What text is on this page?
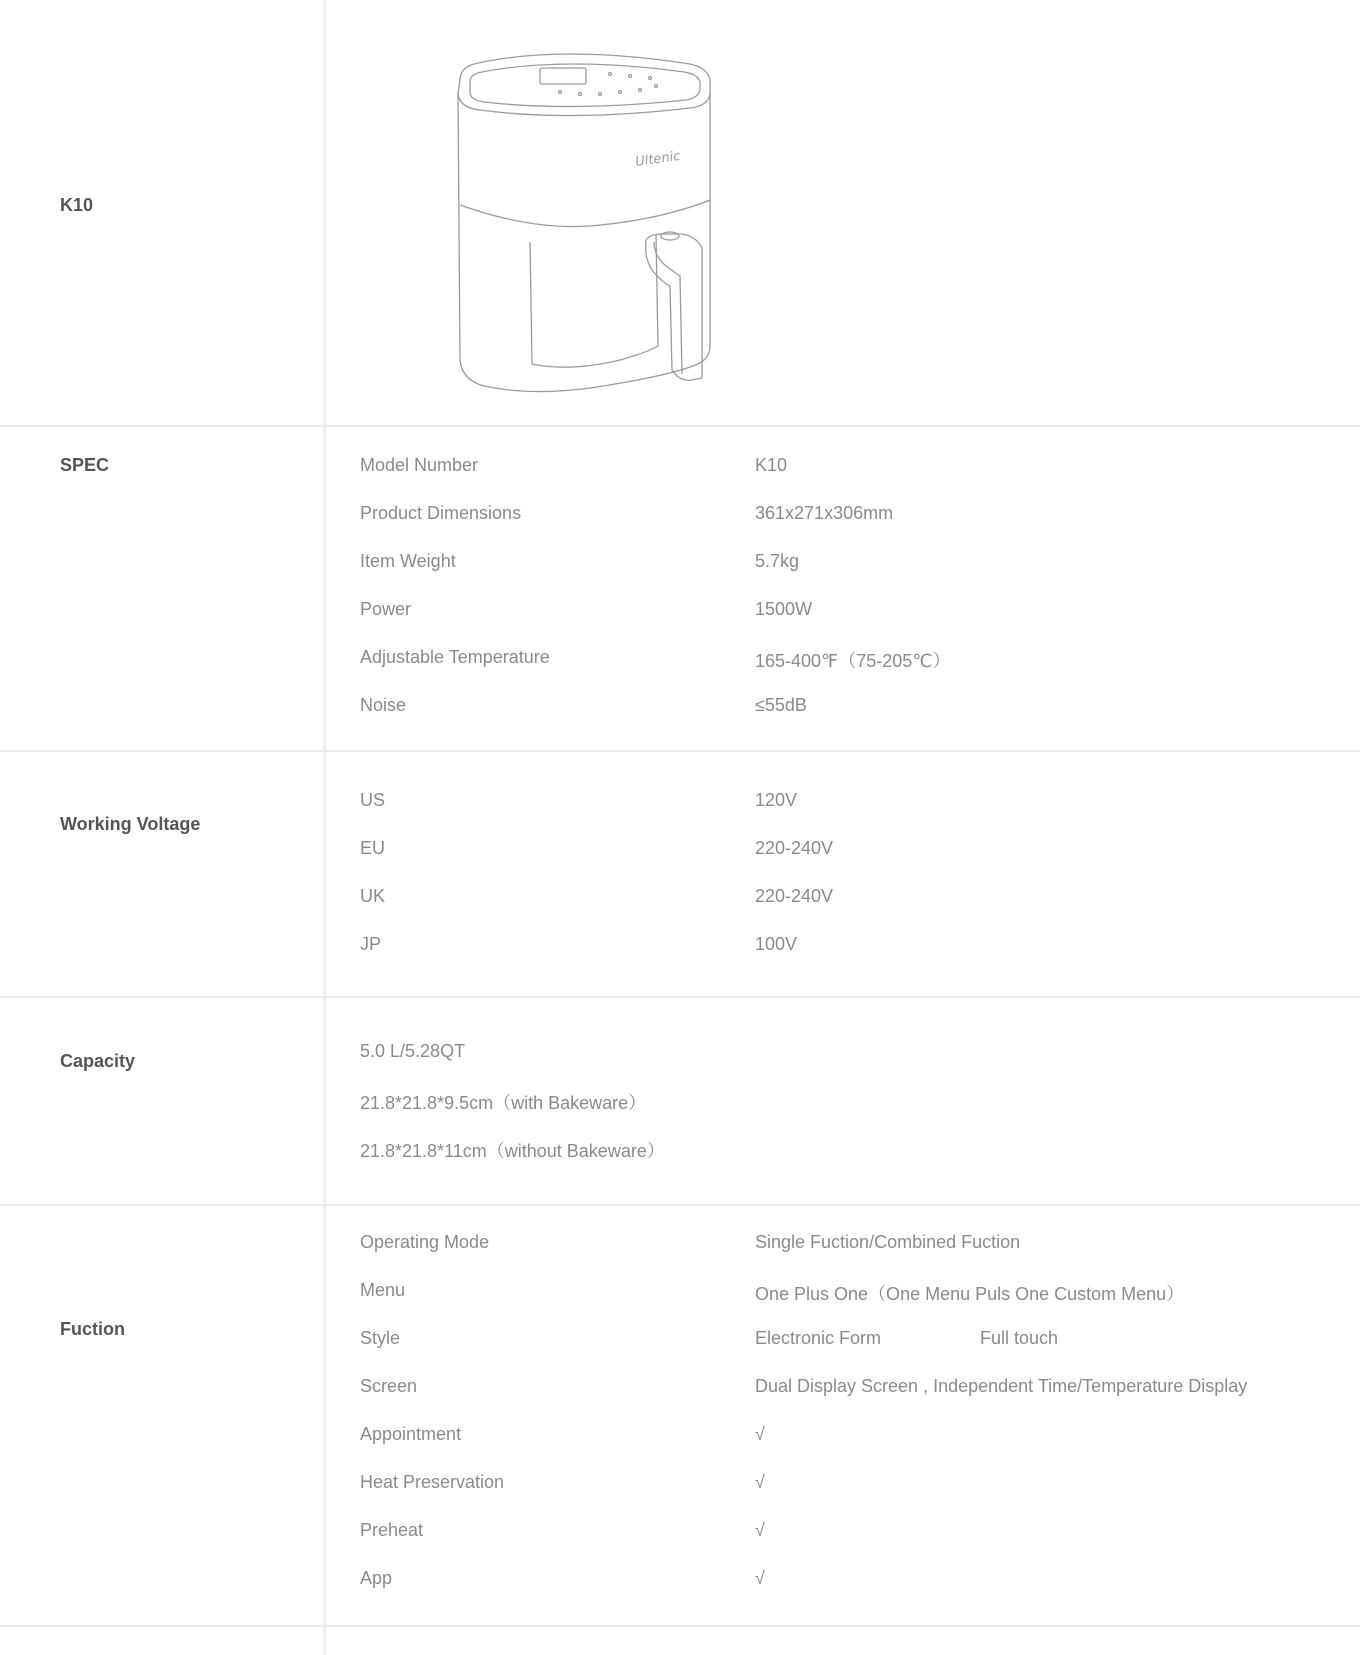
K10
Ultenic
SPEC	Model Number	K10
Product Dimensions	361x271x306mm
Item Weight	5.7kg
Power	1500W
Adjustable Temperature	165-400℉（75-205℃）
Noise	≤55dB
Working Voltage
US	120V
EU	220-240V
UK	220-240V
JP	100V
Capacity	5.0 L/5.28QT
21.8*21.8*9.5cm（with Bakeware）
21.8*21.8*11cm（without Bakeware）
Fuction
Operating Mode	Single Fuction/Combined Fuction
Menu	One Plus One（One Menu Puls One Custom Menu）
Style	Electronic Form	Full touch
Screen	Dual Display Screen , Independent Time/Temperature Display
Appointment	√
Heat Preservation	√
Preheat	√
App	√
